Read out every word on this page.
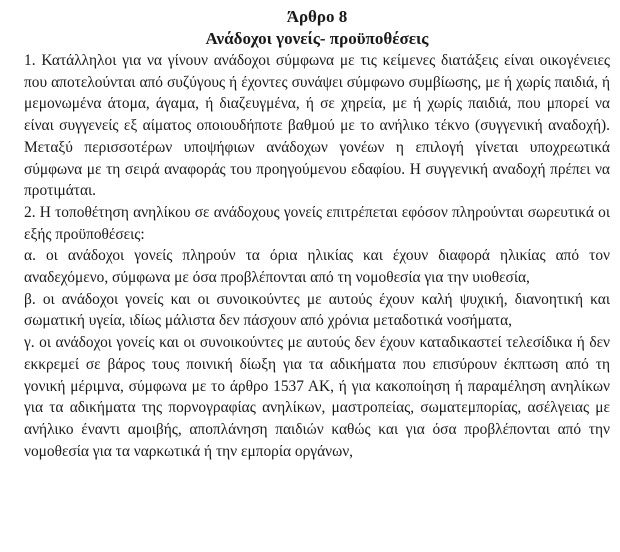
Άρθρο 8
Ανάδοχοι γονείς- προϋποθέσεις

1. Κατάλληλοι για να γίνουν ανάδοχοι σύμφωνα με τις κείμενες διατάξεις είναι οικογένειες που αποτελούνται από συζύγους ή έχοντες συνάψει σύμφωνο συμβίωσης, με ή χωρίς παιδιά, ή μεμονωμένα άτομα, άγαμα, ή διαζευγμένα, ή σε χηρεία, με ή χωρίς παιδιά, που μπορεί να είναι συγγενείς εξ αίματος οποιουδήποτε βαθμού με το ανήλικο τέκνο (συγγενική αναδοχή). Μεταξύ περισσοτέρων υποψήφιων ανάδοχων γονέων η επιλογή γίνεται υποχρεωτικά σύμφωνα με τη σειρά αναφοράς του προηγούμενου εδαφίου. Η συγγενική αναδοχή πρέπει να προτιμάται.

2. Η τοποθέτηση ανηλίκου σε ανάδοχους γονείς επιτρέπεται εφόσον πληρούνται σωρευτικά οι εξής προϋποθέσεις:

α. οι ανάδοχοι γονείς πληρούν τα όρια ηλικίας και έχουν διαφορά ηλικίας από τον αναδεχόμενο, σύμφωνα με όσα προβλέπονται από τη νομοθεσία για την υιοθεσία,

β. οι ανάδοχοι γονείς και οι συνοικούντες με αυτούς έχουν καλή ψυχική, διανοητική και σωματική υγεία, ιδίως μάλιστα δεν πάσχουν από χρόνια μεταδοτικά νοσήματα,

γ. οι ανάδοχοι γονείς και οι συνοικούντες με αυτούς δεν έχουν καταδικαστεί τελεσίδικα ή δεν εκκρεμεί σε βάρος τους ποινική δίωξη για τα αδικήματα που επισύρουν έκπτωση από τη γονική μέριμνα, σύμφωνα με το άρθρο 1537 ΑΚ, ή για κακοποίηση ή παραμέληση ανηλίκων για τα αδικήματα της πορνογραφίας ανηλίκων, μαστροπείας, σωματεμπορίας, ασέλγειας με ανήλικο έναντι αμοιβής, αποπλάνηση παιδιών καθώς και για όσα προβλέπονται από την νομοθεσία για τα ναρκωτικά ή την εμπορία οργάνων,
